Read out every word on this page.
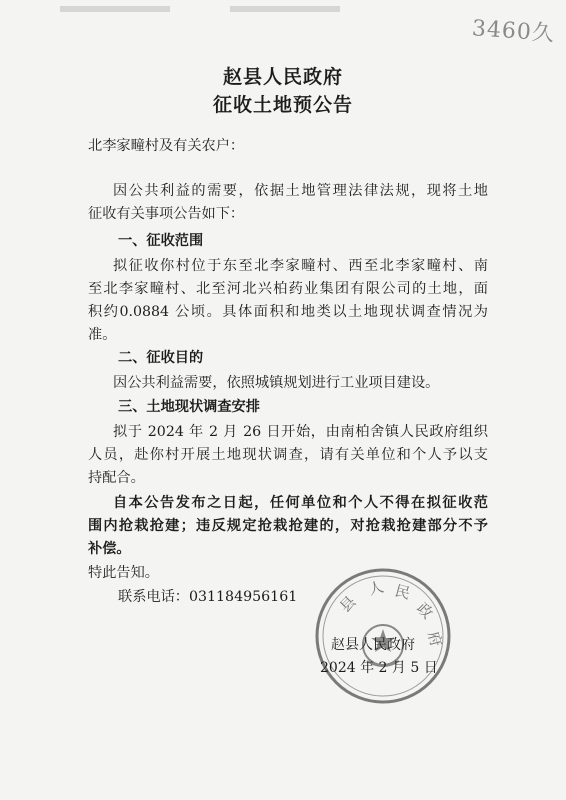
3460久
赵县人民政府
征收土地预公告
北李家疃村及有关农户：
因公共利益的需要，依据土地管理法律法规，现将土地
征收有关事项公告如下：
一、征收范围
拟征收你村位于东至北李家疃村、西至北李家疃村、南
至北李家疃村、北至河北兴柏药业集团有限公司的土地，面
积约0.0884 公顷。具体面积和地类以土地现状调查情况为
准。
二、征收目的
因公共利益需要，依照城镇规划进行工业项目建设。
三、土地现状调查安排
拟于 2024 年 2 月 26 日开始，由南柏舍镇人民政府组织
人员，赴你村开展土地现状调查，请有关单位和个人予以支
持配合。
自本公告发布之日起，任何单位和个人不得在拟征收范
围内抢栽抢建；违反规定抢栽抢建的，对抢栽抢建部分不予
补偿。
特此告知。
联系电话：031184956161	县
人 民
政
府
赵县人民政府
2024 年 2 月 5 日
